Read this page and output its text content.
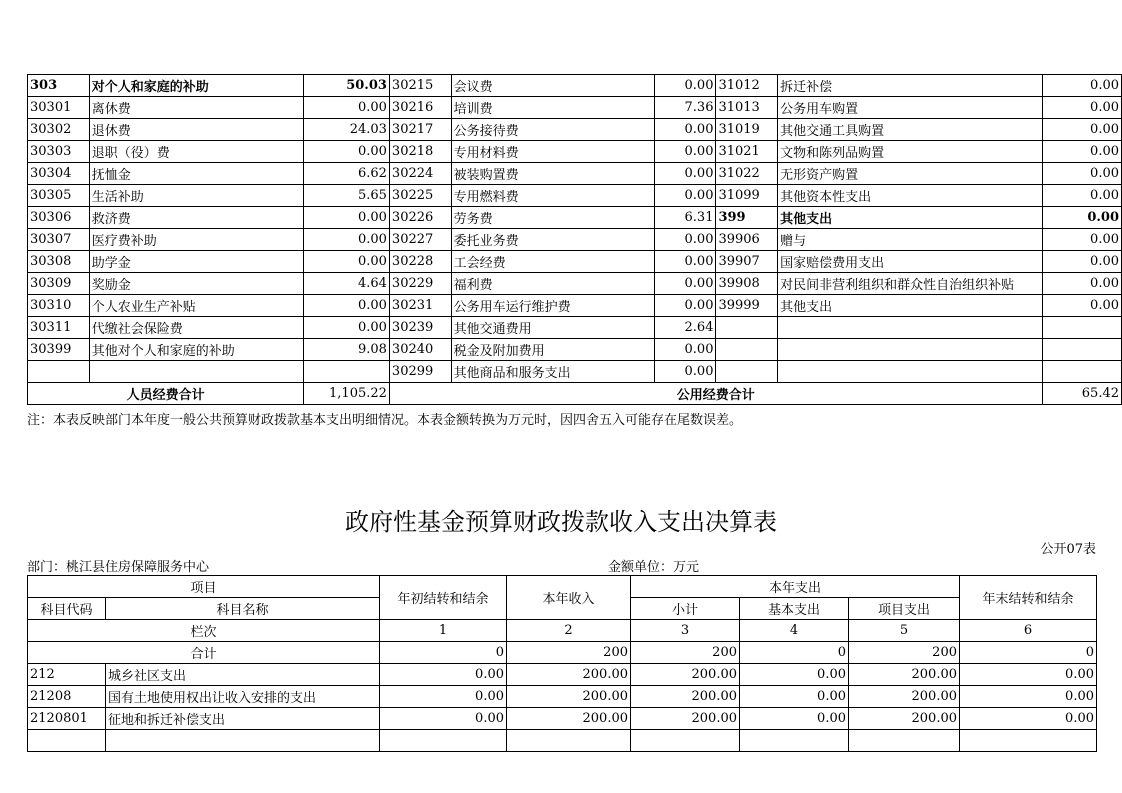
303	对个人和家庭的补助	50.03	30215	会议费	0.00	31012	拆迁补偿	0.00
30301	离休费	0.00	30216	培训费	7.36	31013	公务用车购置	0.00
30302	退休费	24.03	30217	公务接待费	0.00	31019	其他交通工具购置	0.00
30303	退职（役）费	0.00	30218	专用材料费	0.00	31021	文物和陈列品购置	0.00
30304	抚恤金	6.62	30224	被装购置费	0.00	31022	无形资产购置	0.00
30305	生活补助	5.65	30225	专用燃料费	0.00	31099	其他资本性支出	0.00
30306	救济费	0.00	30226	劳务费	6.31	399	其他支出	0.00
30307	医疗费补助	0.00	30227	委托业务费	0.00	39906	赠与	0.00
30308	助学金	0.00	30228	工会经费	0.00	39907	国家赔偿费用支出	0.00
30309	奖励金	4.64	30229	福利费	0.00	39908	对民间非营利组织和群众性自治组织补贴	0.00
30310	个人农业生产补贴	0.00	30231	公务用车运行维护费	0.00	39999	其他支出	0.00
30311	代缴社会保险费	0.00	30239	其他交通费用	2.64			
30399	其他对个人和家庭的补助	9.08	30240	税金及附加费用	0.00			
			30299	其他商品和服务支出	0.00			
人员经费合计		1,105.22	公用经费合计					65.42
注：本表反映部门本年度一般公共预算财政拨款基本支出明细情况。本表金额转换为万元时，因四舍五入可能存在尾数误差。
政府性基金预算财政拨款收入支出决算表
公开07表
部门：桃江县住房保障服务中心	金额单位：万元
项目		年初结转和结余	本年收入	本年支出			年末结转和结余
科目代码	科目名称			小计	基本支出	项目支出	
栏次		1	2	3	4	5	6
合计		0	200	200	0	200	0
212	城乡社区支出	0.00	200.00	200.00	0.00	200.00	0.00
21208	国有土地使用权出让收入安排的支出	0.00	200.00	200.00	0.00	200.00	0.00
2120801	征地和拆迁补偿支出	0.00	200.00	200.00	0.00	200.00	0.00
